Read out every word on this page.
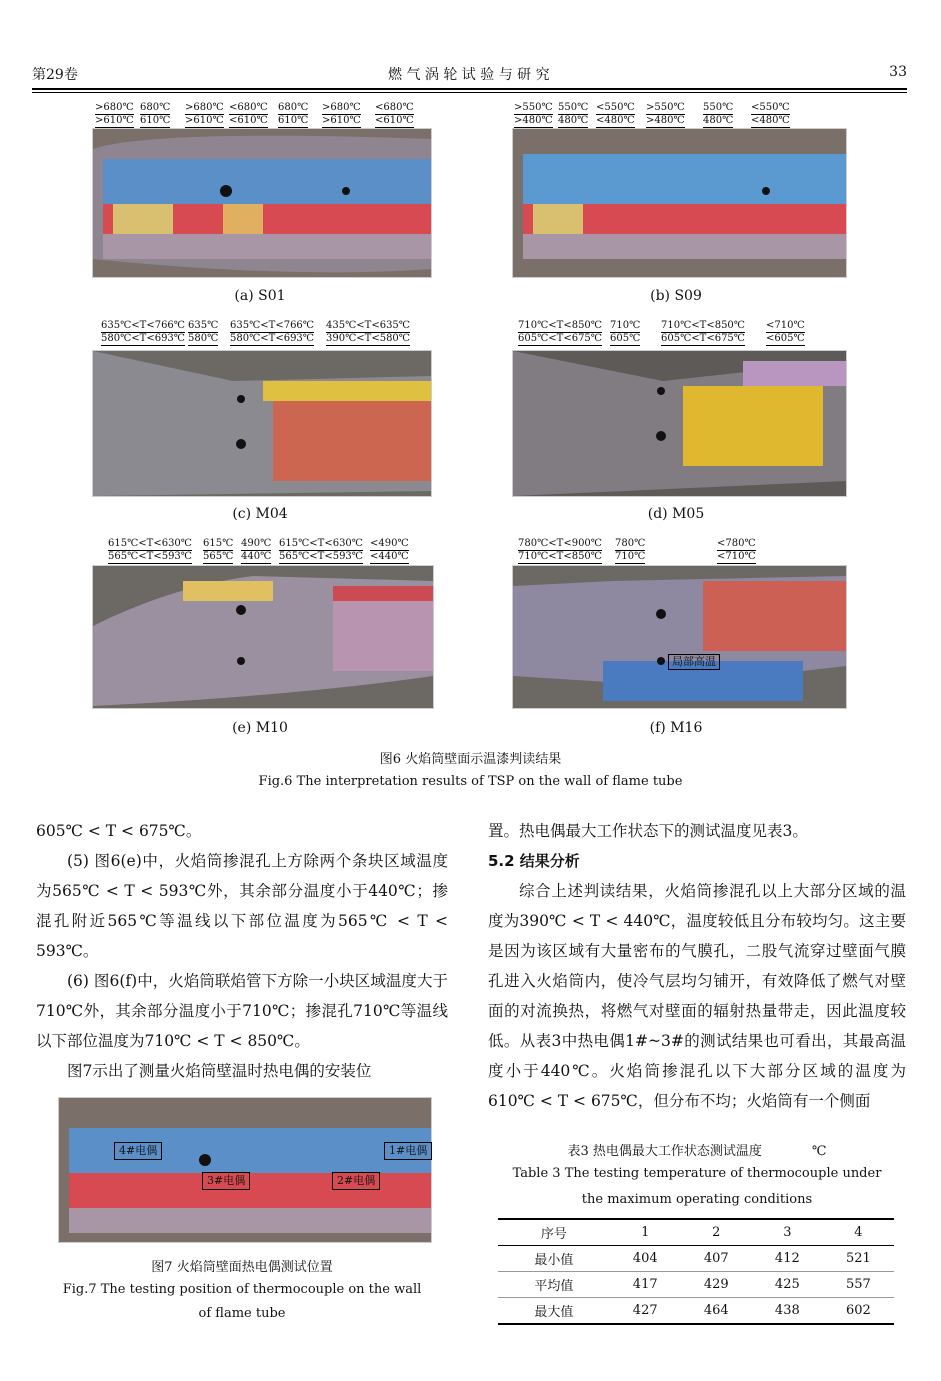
第29卷	燃 气 涡 轮 试 验 与 研 究	33
>680℃
>610℃
680℃
610℃
>680℃
>610℃
<680℃
<610℃
680℃
610℃
>680℃
>610℃
<680℃
<610℃
(a) S01
>550℃
>480℃
550℃
480℃
<550℃
<480℃
>550℃
>480℃
550℃
480℃
<550℃
<480℃
(b) S09
635℃<T<766℃
580℃<T<693℃
635℃
580℃
635℃<T<766℃
580℃<T<693℃
435℃<T<635℃
390℃<T<580℃
(c) M04
710℃<T<850℃
605℃<T<675℃
710℃
605℃
710℃<T<850℃
605℃<T<675℃
<710℃
<605℃
(d) M05
615℃<T<630℃
565℃<T<593℃
615℃
565℃
490℃
440℃
615℃<T<630℃
565℃<T<593℃
<490℃
<440℃
(e) M10
780℃<T<900℃
710℃<T<850℃
780℃
710℃
<780℃
<710℃
局部高温
(f) M16
图6 火焰筒壁面示温漆判读结果
Fig.6 The interpretation results of TSP on the wall of flame tube

605℃ < T < 675℃。

(5) 图6(e)中，火焰筒掺混孔上方除两个条块区域温度为565℃ < T < 593℃外，其余部分温度小于440℃；掺混孔附近565℃等温线以下部位温度为565℃ < T < 593℃。

(6) 图6(f)中，火焰筒联焰管下方除一小块区域温度大于710℃外，其余部分温度小于710℃；掺混孔710℃等温线以下部位温度为710℃ < T < 850℃。

图7示出了测量火焰筒壁温时热电偶的安装位

4#电偶
3#电偶	2#电偶
1#电偶
图7 火焰筒壁面热电偶测试位置
Fig.7 The testing position of thermocouple on the wall
of flame tube

置。热电偶最大工作状态下的测试温度见表3。

5.2 结果分析

综合上述判读结果，火焰筒掺混孔以上大部分区域的温度为390℃ < T < 440℃，温度较低且分布较均匀。这主要是因为该区域有大量密布的气膜孔，二股气流穿过壁面气膜孔进入火焰筒内，使冷气层均匀铺开，有效降低了燃气对壁面的对流换热，将燃气对壁面的辐射热量带走，因此温度较低。从表3中热电偶1#~3#的测试结果也可看出，其最高温度小于440℃。火焰筒掺混孔以下大部分区域的温度为610℃ < T < 675℃，但分布不均；火焰筒有一个侧面

表3 热电偶最大工作状态测试温度	℃
Table 3 The testing temperature of thermocouple under
the maximum operating conditions
序号	1	2	3	4
最小值	404	407	412	521
平均值	417	429	425	557
最大值	427	464	438	602
